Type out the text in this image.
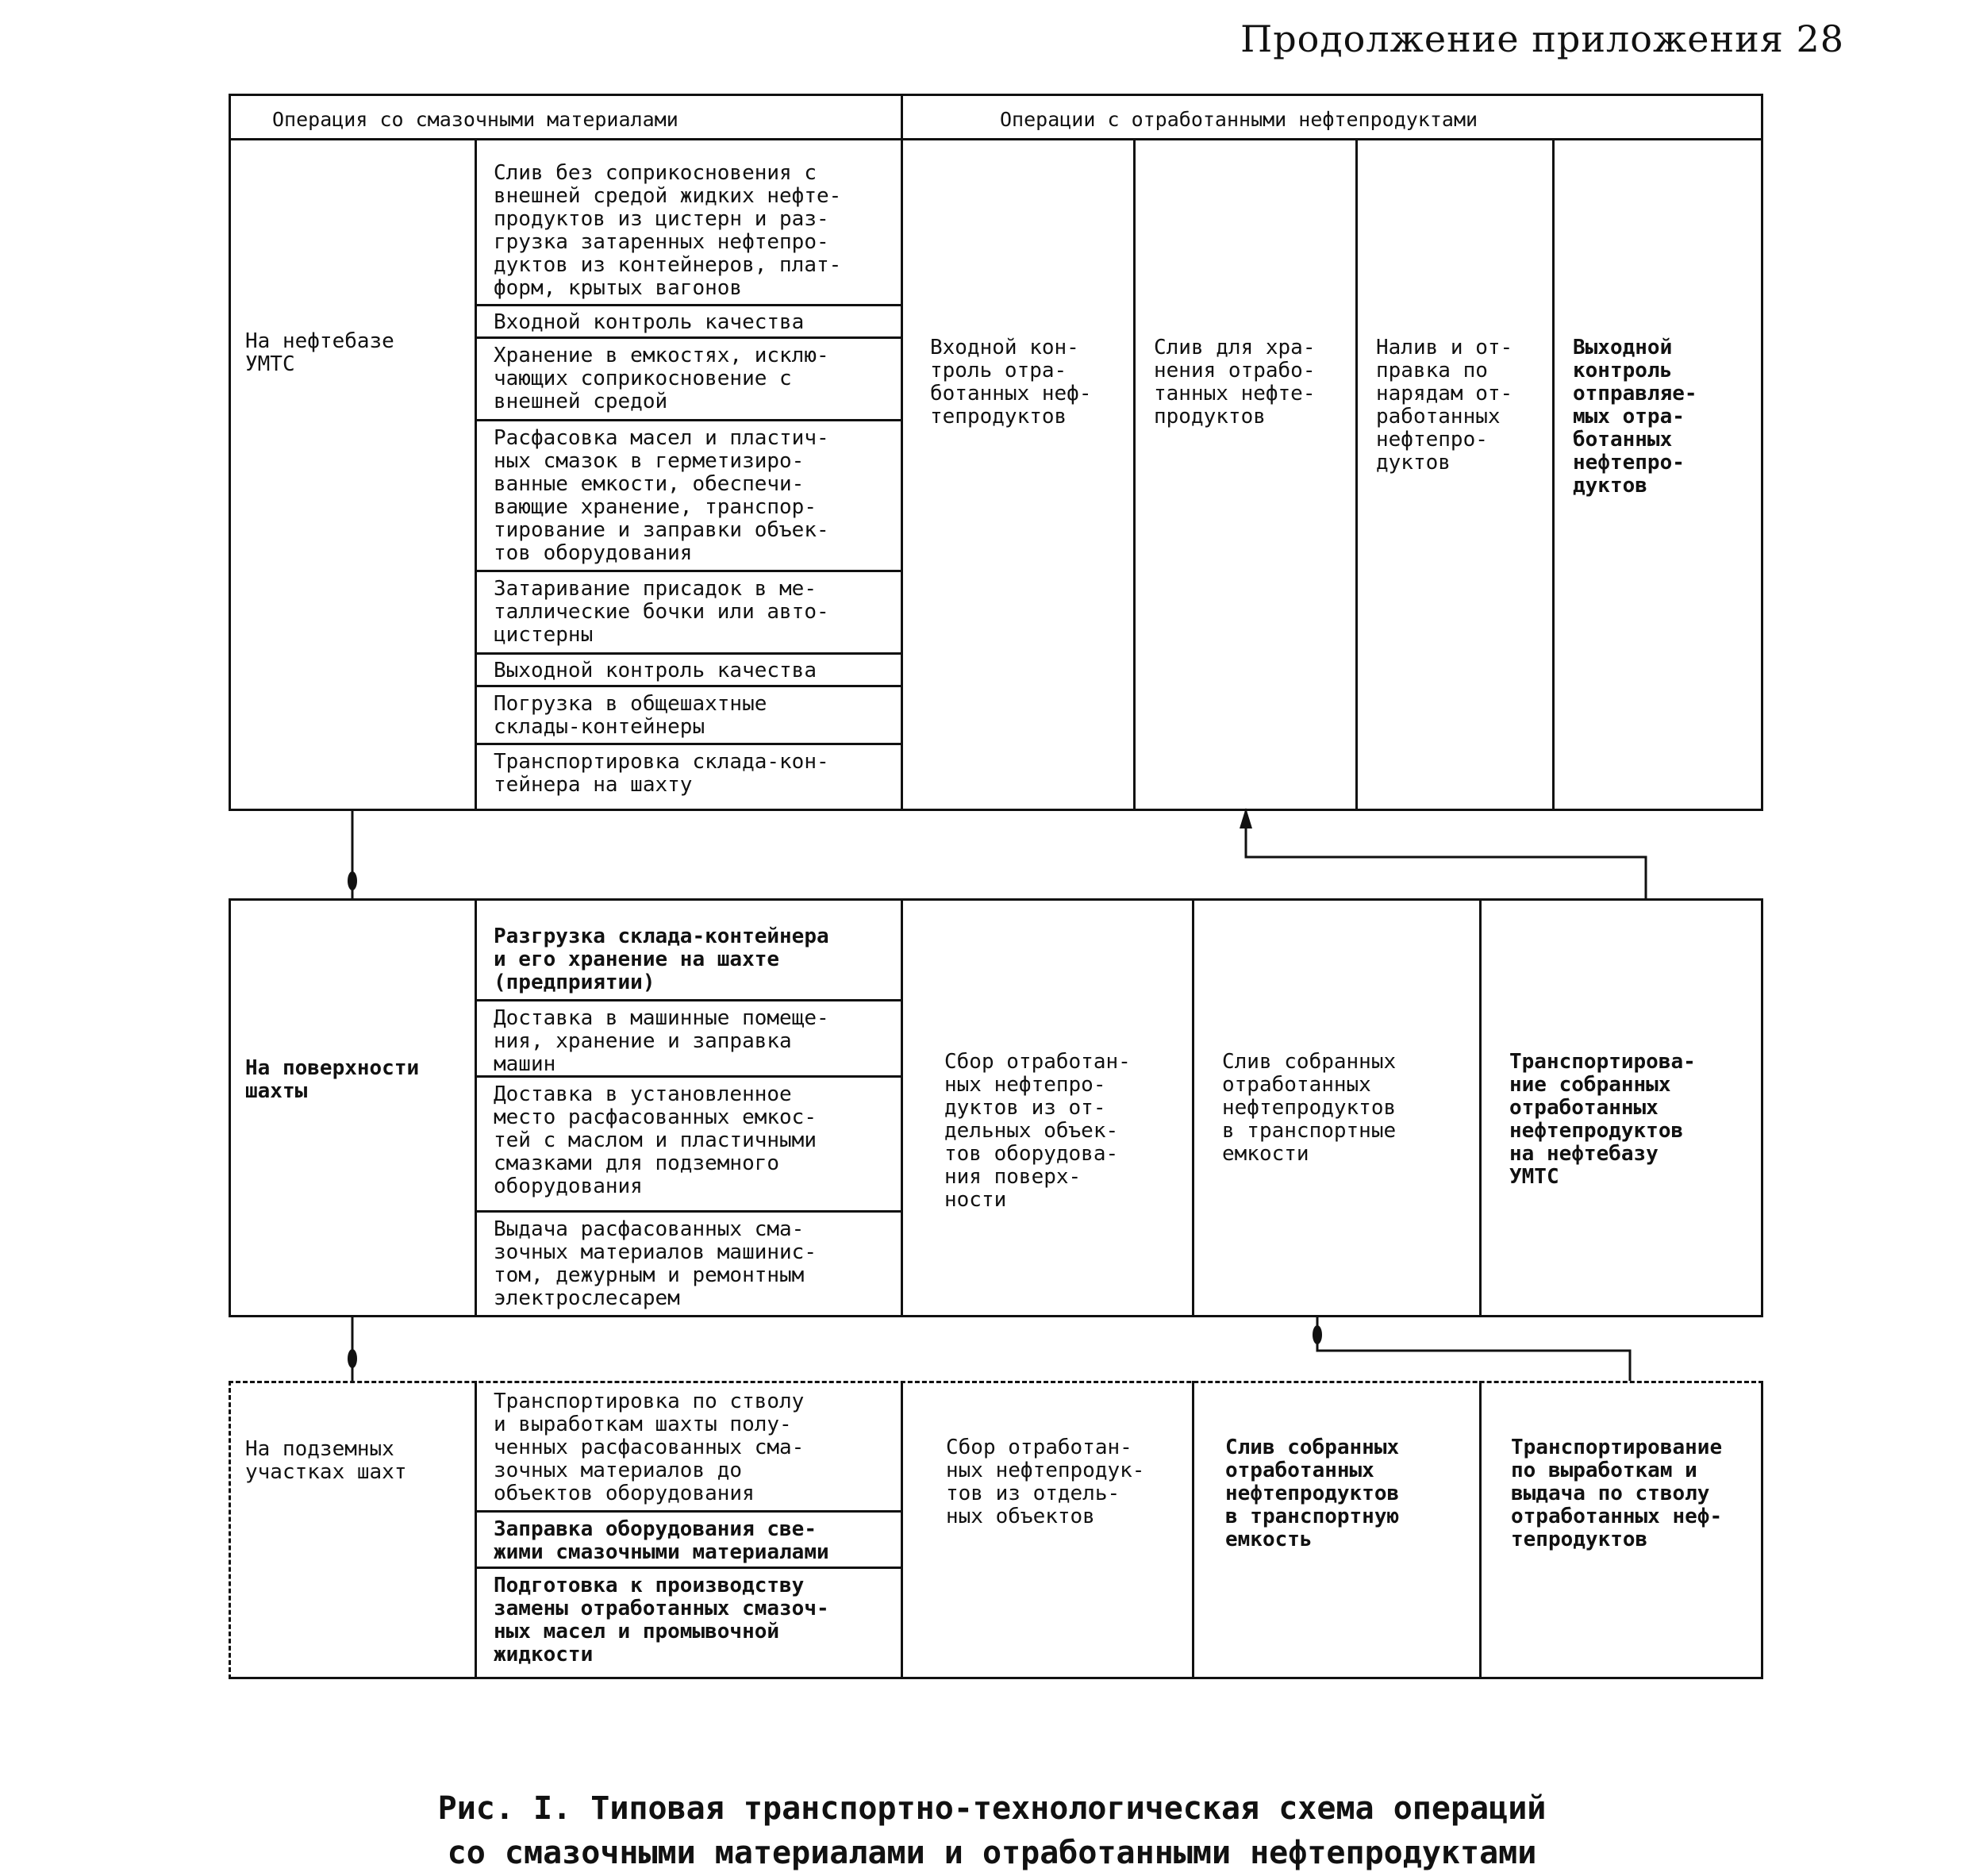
Продолжение приложения 28
Операция со смазочными материалами	Операции с отработанными нефтепродуктами
На нефтебазе
УМТС
Слив без соприкосновения с
внешней средой жидких нефте-
продуктов из цистерн и раз-
грузка затаренных нефтепро-
дуктов из контейнеров, плат-
форм, крытых вагонов
Входной контроль качества
Хранение в емкостях, исклю-
чающих соприкосновение с
внешней средой
Расфасовка масел и пластич-
ных смазок в герметизиро-
ванные емкости, обеспечи-
вающие хранение, транспор-
тирование и заправки объек-
тов оборудования
Затаривание присадок в ме-
таллические бочки или авто-
цистерны
Выходной контроль качества
Погрузка в общешахтные
склады-контейнеры
Транспортировка склада-кон-
тейнера на шахту
Входной кон-
троль отра-
ботанных неф-
тепродуктов
Слив для хра-
нения отрабо-
танных нефте-
продуктов
Налив и от-
правка по
нарядам от-
работанных
нефтепро-
дуктов
Выходной
контроль
отправляе-
мых отра-
ботанных
нефтепро-
дуктов
На поверхности
шахты
Разгрузка склада-контейнера
и его хранение на шахте
(предприятии)
Доставка в машинные помеще-
ния, хранение и заправка
машин
Доставка в установленное
место расфасованных емкос-
тей с маслом и пластичными
смазками для подземного
оборудования
Выдача расфасованных сма-
зочных материалов машинис-
том, дежурным и ремонтным
электрослесарем
Сбор отработан-
ных нефтепро-
дуктов из от-
дельных объек-
тов оборудова-
ния поверх-
ности
Слив собранных
отработанных
нефтепродуктов
в транспортные
емкости
Транспортирова-
ние собранных
отработанных
нефтепродуктов
на нефтебазу
УМТС
На подземных
участках шахт
Транспортировка по стволу
и выработкам шахты полу-
ченных расфасованных сма-
зочных материалов до
объектов оборудования
Заправка оборудования све-
жими смазочными материалами
Подготовка к производству
замены отработанных смазоч-
ных масел и промывочной
жидкости
Сбор отработан-
ных нефтепродук-
тов из отдель-
ных объектов
Слив собранных
отработанных
нефтепродуктов
в транспортную
емкость
Транспортирование
по выработкам и
выдача по стволу
отработанных неф-
тепродуктов
Рис. I. Типовая транспортно-технологическая схема операций
со смазочными материалами и отработанными нефтепродуктами
